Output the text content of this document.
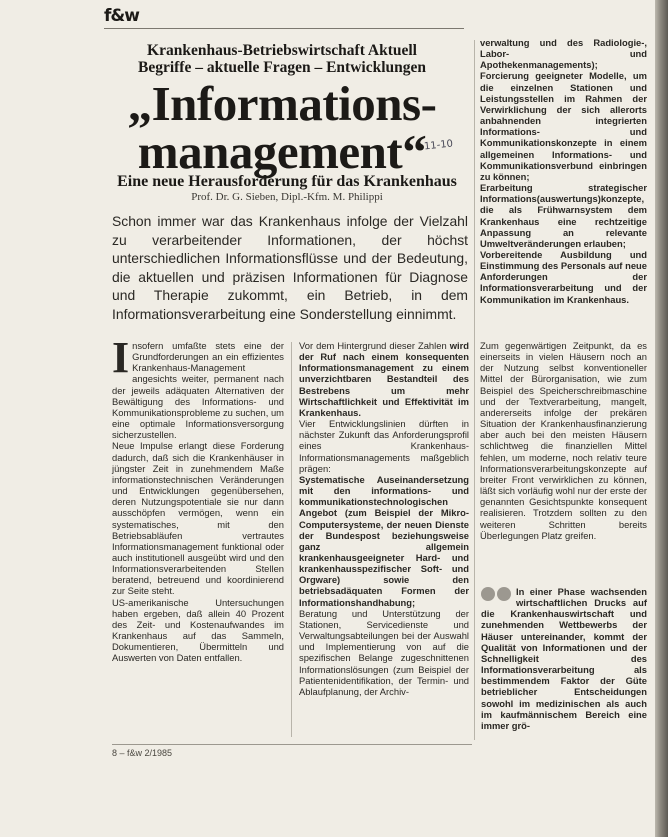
f&w
Krankenhaus-Betriebswirtschaft Aktuell
Begriffe – aktuelle Fragen – Entwicklungen
„Informations-
management“
11-10
Eine neue Herausforderung für das Krankenhaus
Prof. Dr. G. Sieben, Dipl.-Kfm. M. Philippi
Schon immer war das Krankenhaus infolge der Vielzahl zu verarbeitender Informationen, der höchst unterschiedlichen Informationsflüsse und der Bedeutung, die aktuellen und präzisen Informationen für Diagnose und Therapie zukommt, ein Betrieb, in dem Informationsverarbeitung eine Sonderstellung einnimmt.

Insofern umfaßte stets eine der Grundforderungen an ein effizientes Krankenhaus-Management angesichts weiter, permanent nach der jeweils adäquaten Alternativen der Bewältigung des Informations- und Kommunikationsprobleme zu suchen, um eine optimale Informationsversorgung sicherzustellen.

Neue Impulse erlangt diese Forderung dadurch, daß sich die Krankenhäuser in jüngster Zeit in zunehmendem Maße informationstechnischen Veränderungen und Entwicklungen gegenübersehen, deren Nutzungspotentiale sie nur dann ausschöpfen vermögen, wenn ein systematisches, mit den Betriebsabläufen vertrautes Informationsmanagement funktional oder auch institutionell ausgeübt wird und den Informationsverarbeitenden Stellen beratend, betreuend und koordinierend zur Seite steht.

US-amerikanische Untersuchungen haben ergeben, daß allein 40 Prozent des Zeit- und Kostenaufwandes im Krankenhaus auf das Sammeln, Dokumentieren, Übermitteln und Auswerten von Daten entfallen.

Vor dem Hintergrund dieser Zahlen wird der Ruf nach einem konsequenten Informationsmanagement zu einem unverzichtbaren Bestandteil des Bestrebens um mehr Wirtschaftlichkeit und Effektivität im Krankenhaus.

Vier Entwicklungslinien dürften in nächster Zukunft das Anforderungsprofil eines Krankenhaus-Informationsmanagements maßgeblich prägen:

Systematische Auseinandersetzung mit den informations- und kommunikationstechnologischen Angebot (zum Beispiel der Mikro-Computersysteme, der neuen Dienste der Bundespost beziehungsweise ganz allgemein krankenhausgeeigneter Hard- und krankenhausspezifischer Soft- und Orgware) sowie den betriebsadäquaten Formen der Informationshandhabung;

Beratung und Unterstützung der Stationen, Servicedienste und Verwaltungsabteilungen bei der Auswahl und Implementierung von auf die spezifischen Belange zugeschnittenen Informationslösungen (zum Beispiel der Patientenidentifikation, der Termin- und Ablaufplanung, der Archiv-

verwaltung und des Radiologie-, Labor- und Apothekenmanagements);

Forcierung geeigneter Modelle, um die einzelnen Stationen und Leistungsstellen im Rahmen der Verwirklichung der sich allerorts anbahnenden integrierten Informations- und Kommunikationskonzepte in einem allgemeinen Informations- und Kommunikationsverbund einbringen zu können;

Erarbeitung strategischer Informations(auswertungs)konzepte, die als Frühwarnsystem dem Krankenhaus eine rechtzeitige Anpassung an relevante Umweltveränderungen erlauben;

Vorbereitende Ausbildung und Einstimmung des Personals auf neue Anforderungen der Informationsverarbeitung und der Kommunikation im Krankenhaus.

Zum gegenwärtigen Zeitpunkt, da es einerseits in vielen Häusern noch an der Nutzung selbst konventioneller Mittel der Bürorganisation, wie zum Beispiel des Speicherschreibmaschine und der Textverarbeitung, mangelt, andererseits infolge der prekären Situation der Krankenhausfinanzierung aber auch bei den meisten Häusern schlichtweg die finanziellen Mittel fehlen, um moderne, noch relativ teure Informationsverarbeitungskonzepte auf breiter Front verwirklichen zu können, läßt sich vorläufig wohl nur der erste der genannten Gesichtspunkte konsequent realisieren. Trotzdem sollten zu den weiteren Schritten bereits Überlegungen Platz greifen.

In einer Phase wachsenden wirtschaftlichen Drucks auf die Krankenhauswirtschaft und zunehmenden Wettbewerbs der Häuser untereinander, kommt der Qualität von Informationen und der Schnelligkeit des Informationsverarbeitung als bestimmendem Faktor der Güte betrieblicher Entscheidungen sowohl im medizinischen als auch im kaufmännischem Bereich eine immer grö-

8 – f&w 2/1985
